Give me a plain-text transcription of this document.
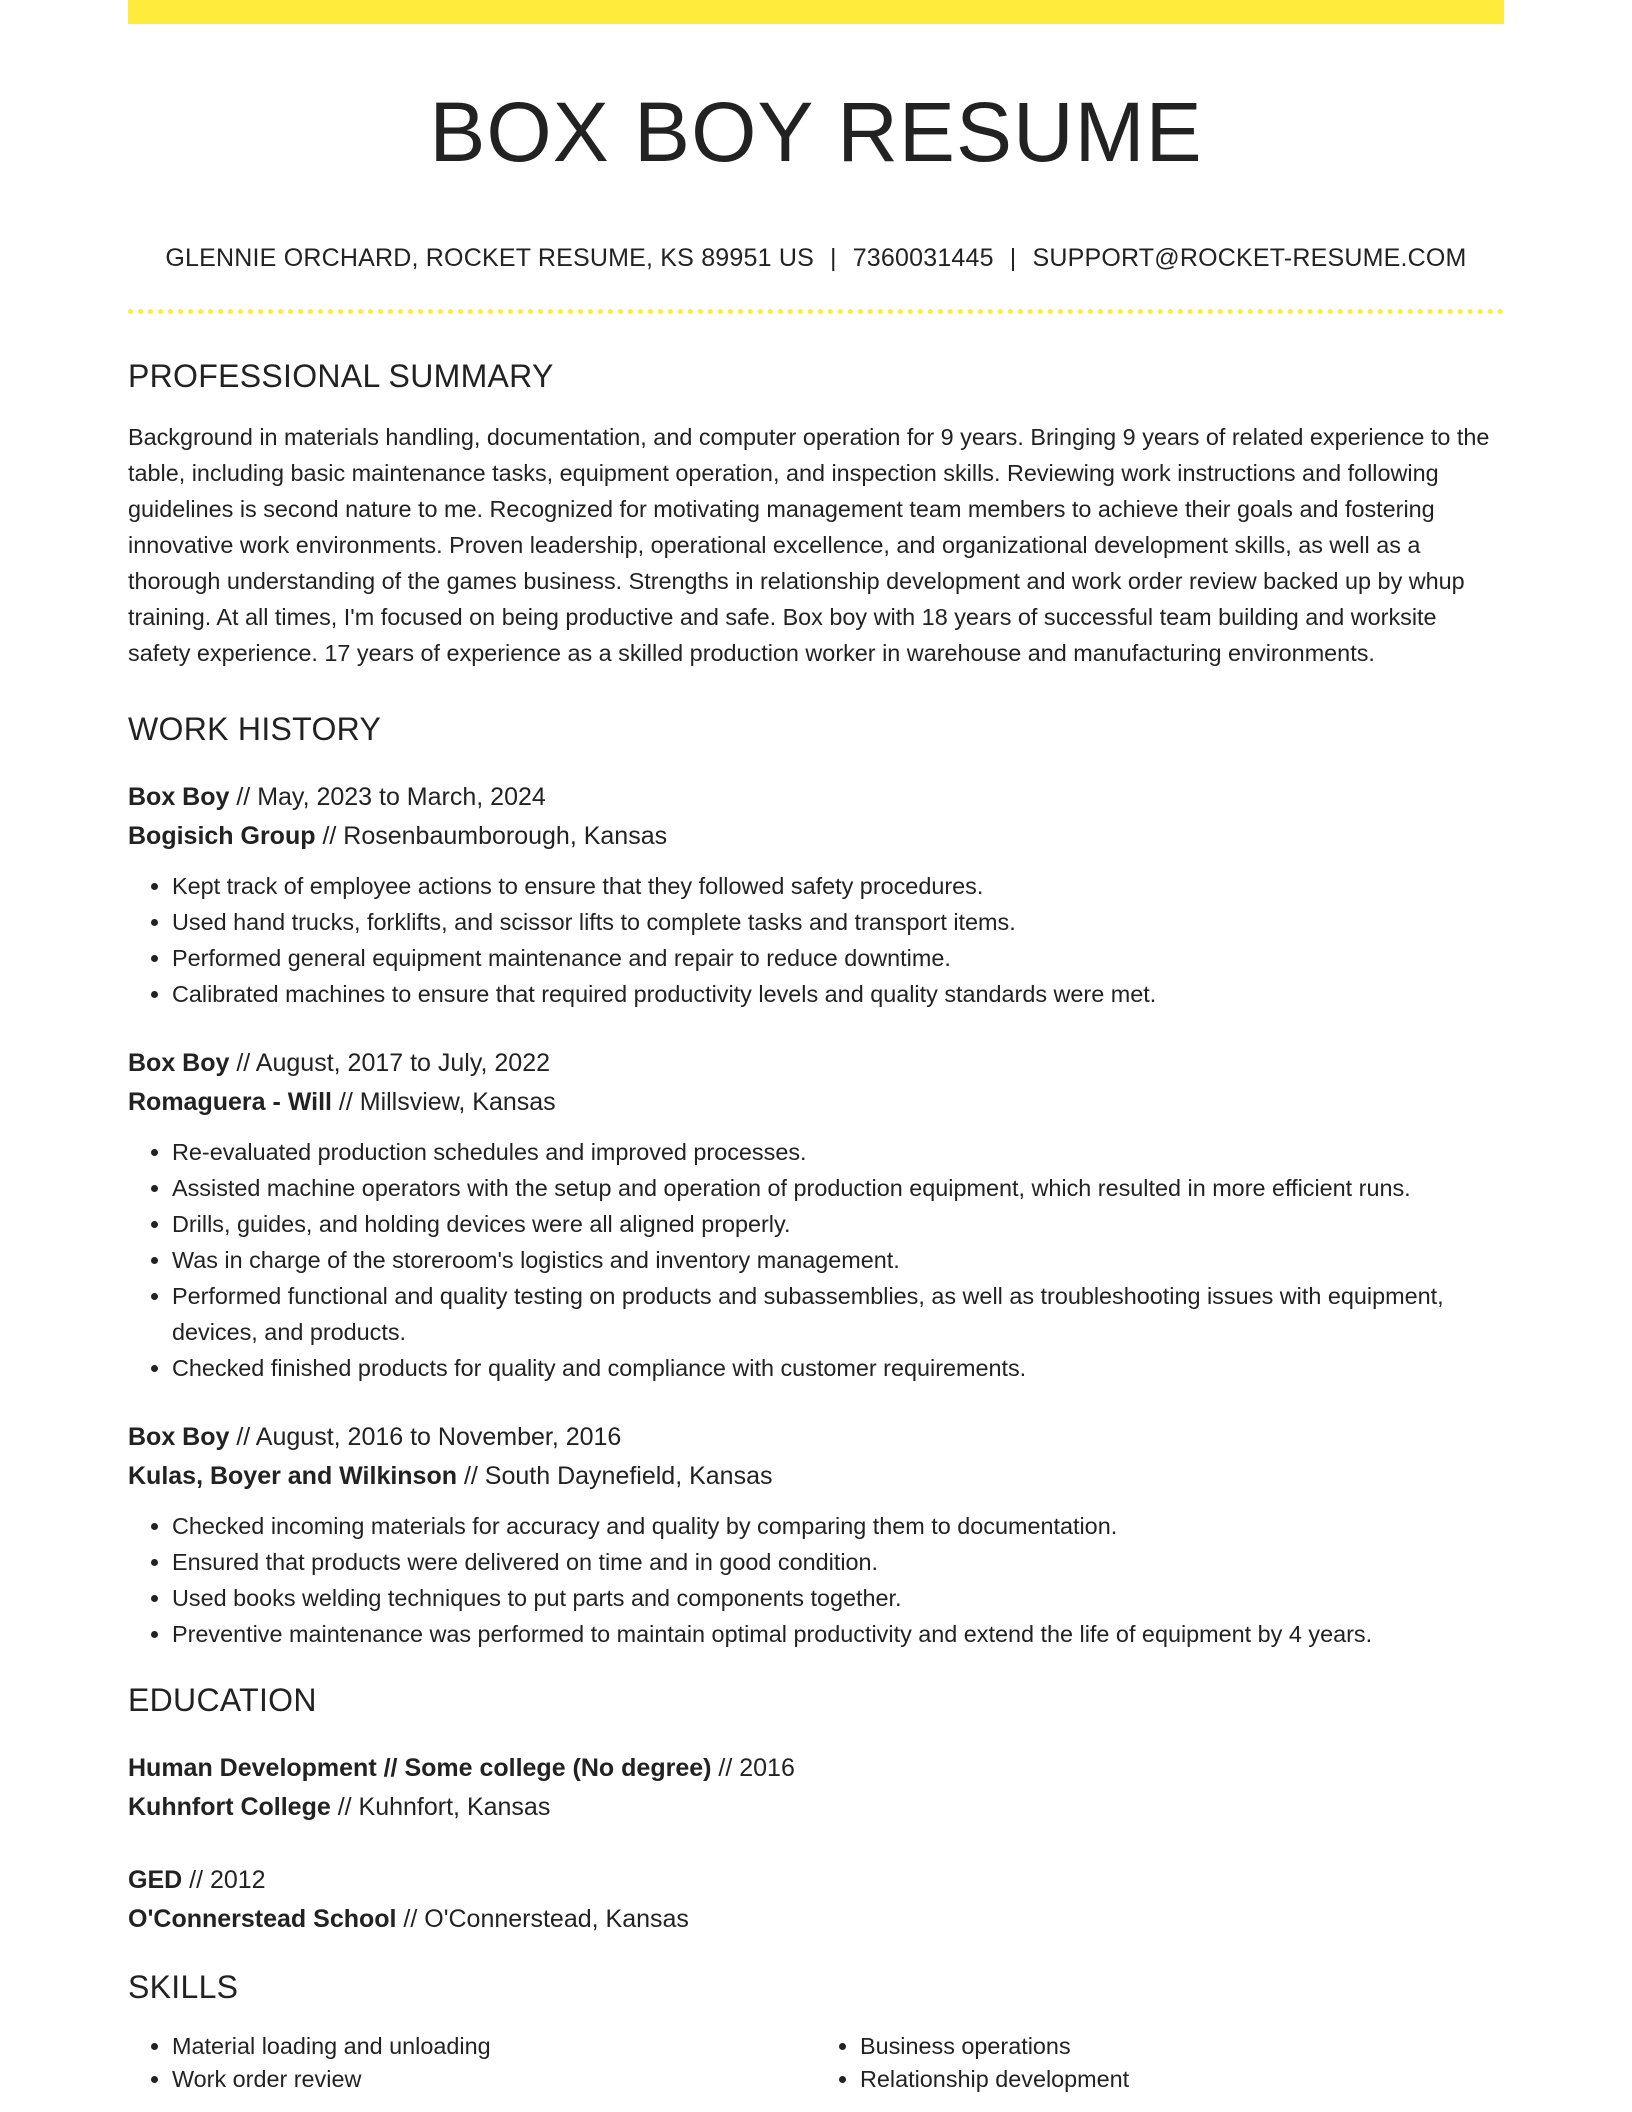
BOX BOY RESUME
GLENNIE ORCHARD, ROCKET RESUME, KS 89951 US | 7360031445 | SUPPORT@ROCKET-RESUME.COM
PROFESSIONAL SUMMARY

Background in materials handling, documentation, and computer operation for 9 years. Bringing 9 years of related experience to the table, including basic maintenance tasks, equipment operation, and inspection skills. Reviewing work instructions and following guidelines is second nature to me. Recognized for motivating management team members to achieve their goals and fostering innovative work environments. Proven leadership, operational excellence, and organizational development skills, as well as a thorough understanding of the games business. Strengths in relationship development and work order review backed up by whup training. At all times, I'm focused on being productive and safe. Box boy with 18 years of successful team building and worksite safety experience. 17 years of experience as a skilled production worker in warehouse and manufacturing environments.

WORK HISTORY
Box Boy // May, 2023 to March, 2024
Bogisich Group // Rosenbaumborough, Kansas
• Kept track of employee actions to ensure that they followed safety procedures.
• Used hand trucks, forklifts, and scissor lifts to complete tasks and transport items.
• Performed general equipment maintenance and repair to reduce downtime.
• Calibrated machines to ensure that required productivity levels and quality standards were met.
Box Boy // August, 2017 to July, 2022
Romaguera - Will // Millsview, Kansas
• Re-evaluated production schedules and improved processes.
• Assisted machine operators with the setup and operation of production equipment, which resulted in more efficient runs.
• Drills, guides, and holding devices were all aligned properly.
• Was in charge of the storeroom's logistics and inventory management.
• Performed functional and quality testing on products and subassemblies, as well as troubleshooting issues with equipment, devices, and products.
• Checked finished products for quality and compliance with customer requirements.
Box Boy // August, 2016 to November, 2016
Kulas, Boyer and Wilkinson // South Daynefield, Kansas
• Checked incoming materials for accuracy and quality by comparing them to documentation.
• Ensured that products were delivered on time and in good condition.
• Used books welding techniques to put parts and components together.
• Preventive maintenance was performed to maintain optimal productivity and extend the life of equipment by 4 years.
EDUCATION
Human Development // Some college (No degree) // 2016
Kuhnfort College // Kuhnfort, Kansas
GED // 2012
O'Connerstead School // O'Connerstead, Kansas
SKILLS
• Material loading and unloading
• Work order review
• Business operations
• Relationship development
